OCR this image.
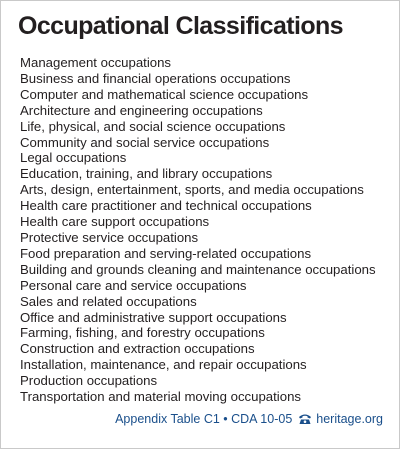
Occupational Classifications
Management occupations
Business and financial operations occupations
Computer and mathematical science occupations
Architecture and engineering occupations
Life, physical, and social science occupations
Community and social service occupations
Legal occupations
Education, training, and library occupations
Arts, design, entertainment, sports, and media occupations
Health care practitioner and technical occupations
Health care support occupations
Protective service occupations
Food preparation and serving-related occupations
Building and grounds cleaning and maintenance occupations
Personal care and service occupations
Sales and related occupations
Office and administrative support occupations
Farming, fishing, and forestry occupations
Construction and extraction occupations
Installation, maintenance, and repair occupations
Production occupations
Transportation and material moving occupations
Appendix Table C1 • CDA 10-05 heritage.org
